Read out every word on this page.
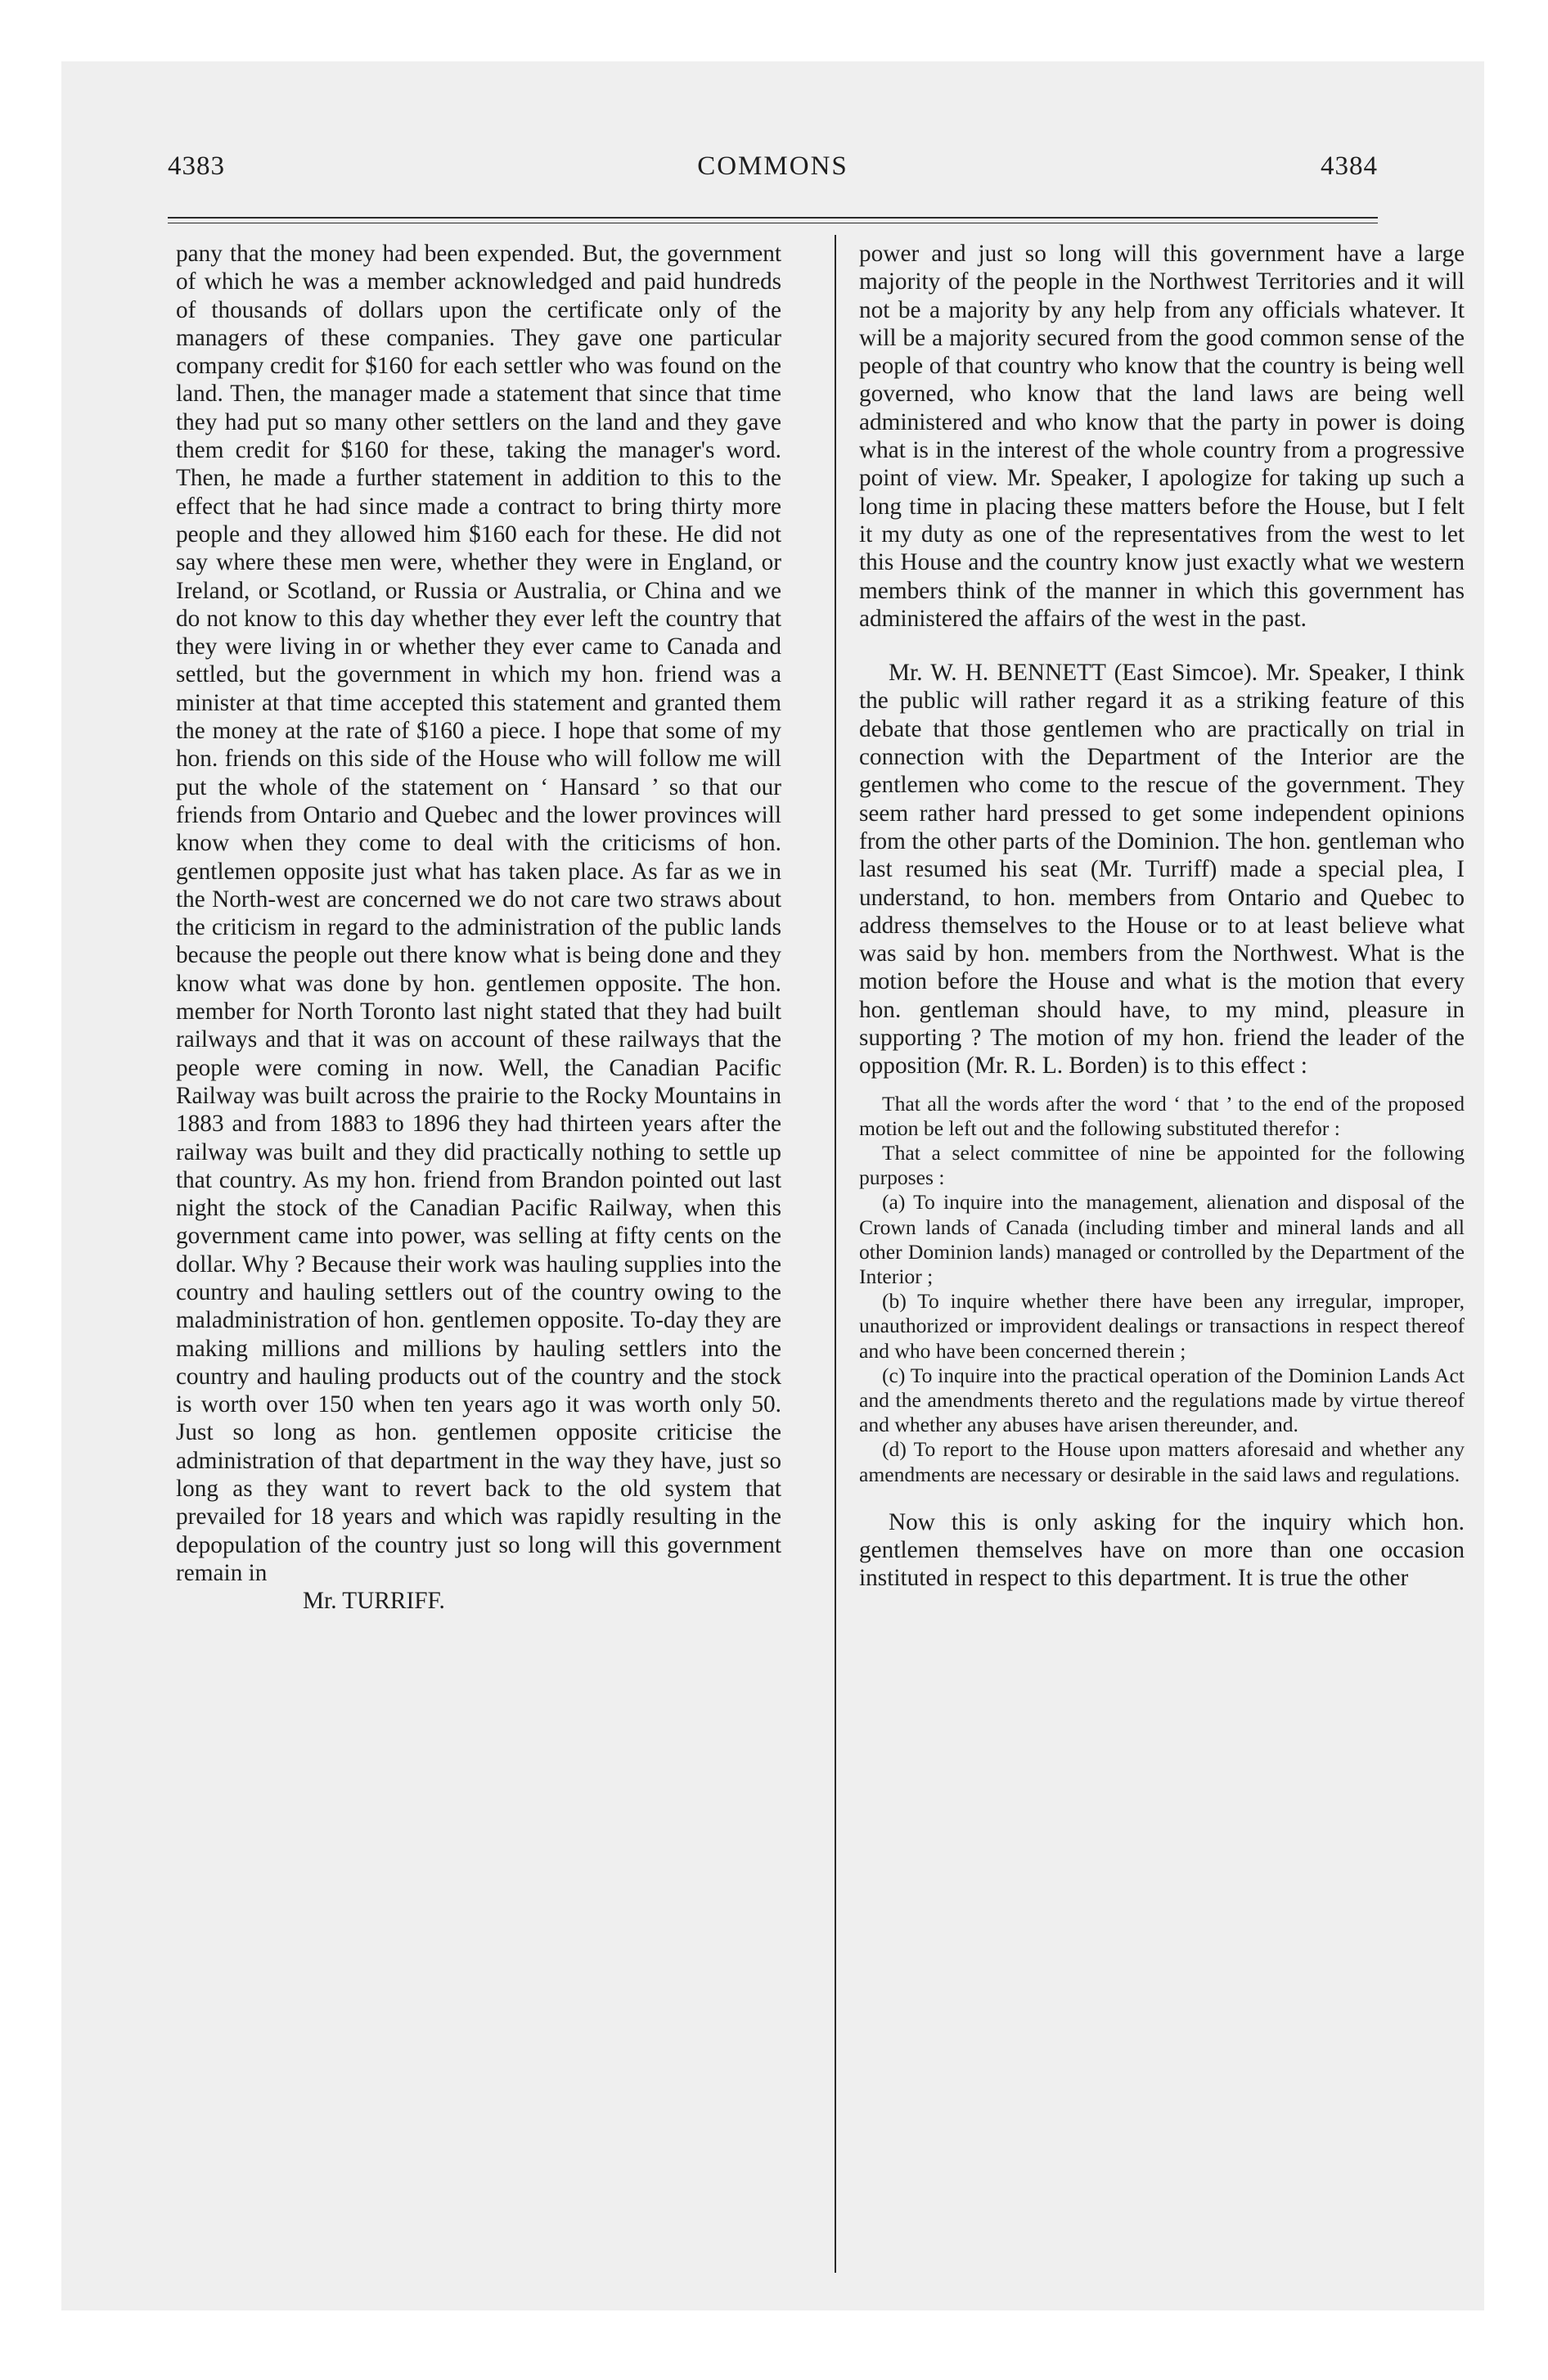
4383	COMMONS	4384

pany that the money had been expended. But, the government of which he was a member acknowledged and paid hundreds of thousands of dollars upon the certificate only of the managers of these companies. They gave one particular company credit for $160 for each settler who was found on the land. Then, the manager made a statement that since that time they had put so many other settlers on the land and they gave them credit for $160 for these, taking the manager's word. Then, he made a further statement in addition to this to the effect that he had since made a contract to bring thirty more people and they allowed him $160 each for these. He did not say where these men were, whether they were in England, or Ireland, or Scotland, or Russia or Australia, or China and we do not know to this day whether they ever left the country that they were living in or whether they ever came to Canada and settled, but the government in which my hon. friend was a minister at that time accepted this statement and granted them the money at the rate of $160 a piece. I hope that some of my hon. friends on this side of the House who will follow me will put the whole of the statement on ‘ Hansard ’ so that our friends from Ontario and Quebec and the lower provinces will know when they come to deal with the criticisms of hon. gentlemen opposite just what has taken place. As far as we in the North-west are concerned we do not care two straws about the criticism in regard to the administration of the public lands because the people out there know what is being done and they know what was done by hon. gentlemen opposite. The hon. member for North Toronto last night stated that they had built railways and that it was on account of these railways that the people were coming in now. Well, the Canadian Pacific Railway was built across the prairie to the Rocky Mountains in 1883 and from 1883 to 1896 they had thirteen years after the railway was built and they did practically nothing to settle up that country. As my hon. friend from Brandon pointed out last night the stock of the Canadian Pacific Railway, when this government came into power, was selling at fifty cents on the dollar. Why ? Because their work was hauling supplies into the country and hauling settlers out of the country owing to the maladministration of hon. gentlemen opposite. To-day they are making millions and millions by hauling settlers into the country and hauling products out of the country and the stock is worth over 150 when ten years ago it was worth only 50. Just so long as hon. gentlemen opposite criticise the administration of that department in the way they have, just so long as they want to revert back to the old system that prevailed for 18 years and which was rapidly resulting in the depopulation of the country just so long will this government remain in

Mr. TURRIFF.

power and just so long will this government have a large majority of the people in the Northwest Territories and it will not be a majority by any help from any officials whatever. It will be a majority secured from the good common sense of the people of that country who know that the country is being well governed, who know that the land laws are being well administered and who know that the party in power is doing what is in the interest of the whole country from a progressive point of view. Mr. Speaker, I apologize for taking up such a long time in placing these matters before the House, but I felt it my duty as one of the representatives from the west to let this House and the country know just exactly what we western members think of the manner in which this government has administered the affairs of the west in the past.

Mr. W. H. BENNETT (East Simcoe). Mr. Speaker, I think the public will rather regard it as a striking feature of this debate that those gentlemen who are practically on trial in connection with the Department of the Interior are the gentlemen who come to the rescue of the government. They seem rather hard pressed to get some independent opinions from the other parts of the Dominion. The hon. gentleman who last resumed his seat (Mr. Turriff) made a special plea, I understand, to hon. members from Ontario and Quebec to address themselves to the House or to at least believe what was said by hon. members from the Northwest. What is the motion before the House and what is the motion that every hon. gentleman should have, to my mind, pleasure in supporting ? The motion of my hon. friend the leader of the opposition (Mr. R. L. Borden) is to this effect :

That all the words after the word ‘ that ’ to the end of the proposed motion be left out and the following substituted therefor :

That a select committee of nine be appointed for the following purposes :

(a) To inquire into the management, alienation and disposal of the Crown lands of Canada (including timber and mineral lands and all other Dominion lands) managed or controlled by the Department of the Interior ;

(b) To inquire whether there have been any irregular, improper, unauthorized or improvident dealings or transactions in respect thereof and who have been concerned therein ;

(c) To inquire into the practical operation of the Dominion Lands Act and the amendments thereto and the regulations made by virtue thereof and whether any abuses have arisen thereunder, and.

(d) To report to the House upon matters aforesaid and whether any amendments are necessary or desirable in the said laws and regulations.

Now this is only asking for the inquiry which hon. gentlemen themselves have on more than one occasion instituted in respect to this department. It is true the other
